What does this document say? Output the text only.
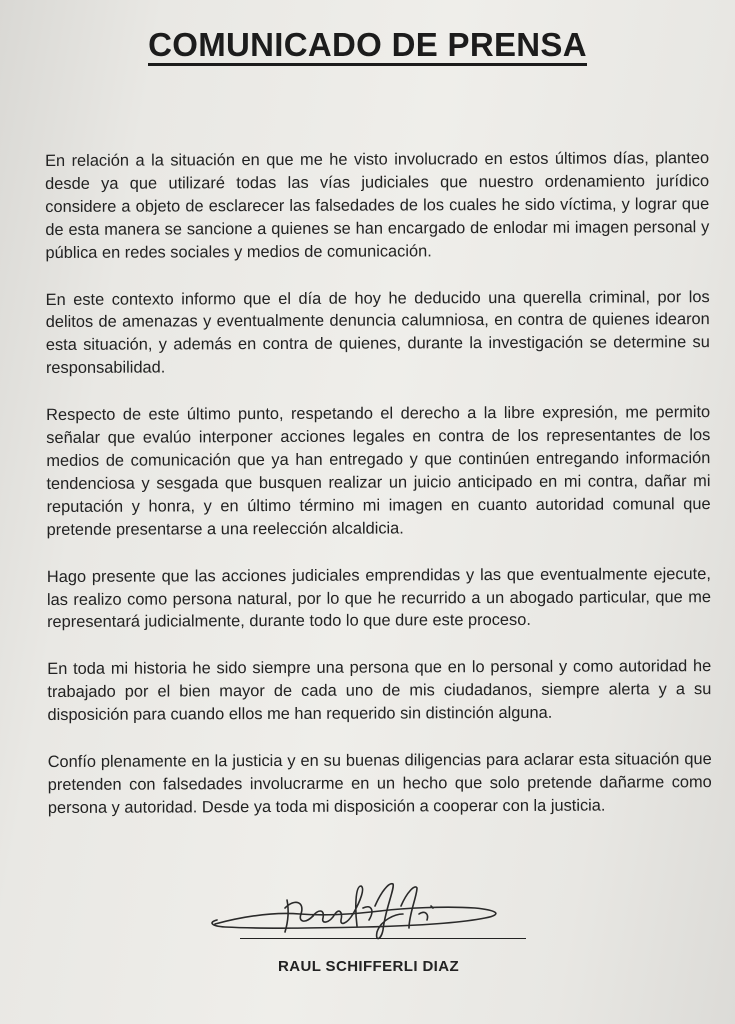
COMUNICADO DE PRENSA

En relación a la situación en que me he visto involucrado en estos últimos días, planteo desde ya que utilizaré todas las vías judiciales que nuestro ordenamiento jurídico considere a objeto de esclarecer las falsedades de los cuales he sido víctima, y lograr que de esta manera se sancione a quienes se han encargado de enlodar mi imagen personal y pública en redes sociales y medios de comunicación.

En este contexto informo que el día de hoy he deducido una querella criminal, por los delitos de amenazas y eventualmente denuncia calumniosa, en contra de quienes idearon esta situación, y además en contra de quienes, durante la investigación se determine su responsabilidad.

Respecto de este último punto, respetando el derecho a la libre expresión, me permito señalar que evalúo interponer acciones legales en contra de los representantes de los medios de comunicación que ya han entregado y que continúen entregando información tendenciosa y sesgada que busquen realizar un juicio anticipado en mi contra, dañar mi reputación y honra, y en último término mi imagen en cuanto autoridad comunal que pretende presentarse a una reelección alcaldicia.

Hago presente que las acciones judiciales emprendidas y las que eventualmente ejecute, las realizo como persona natural, por lo que he recurrido a un abogado particular, que me representará judicialmente, durante todo lo que dure este proceso.

En toda mi historia he sido siempre una persona que en lo personal y como autoridad he trabajado por el bien mayor de cada uno de mis ciudadanos, siempre alerta y a su disposición para cuando ellos me han requerido sin distinción alguna.

Confío plenamente en la justicia y en su buenas diligencias para aclarar esta situación que pretenden con falsedades involucrarme en un hecho que solo pretende dañarme como persona y autoridad. Desde ya toda mi disposición a cooperar con la justicia.

RAUL SCHIFFERLI DIAZ
